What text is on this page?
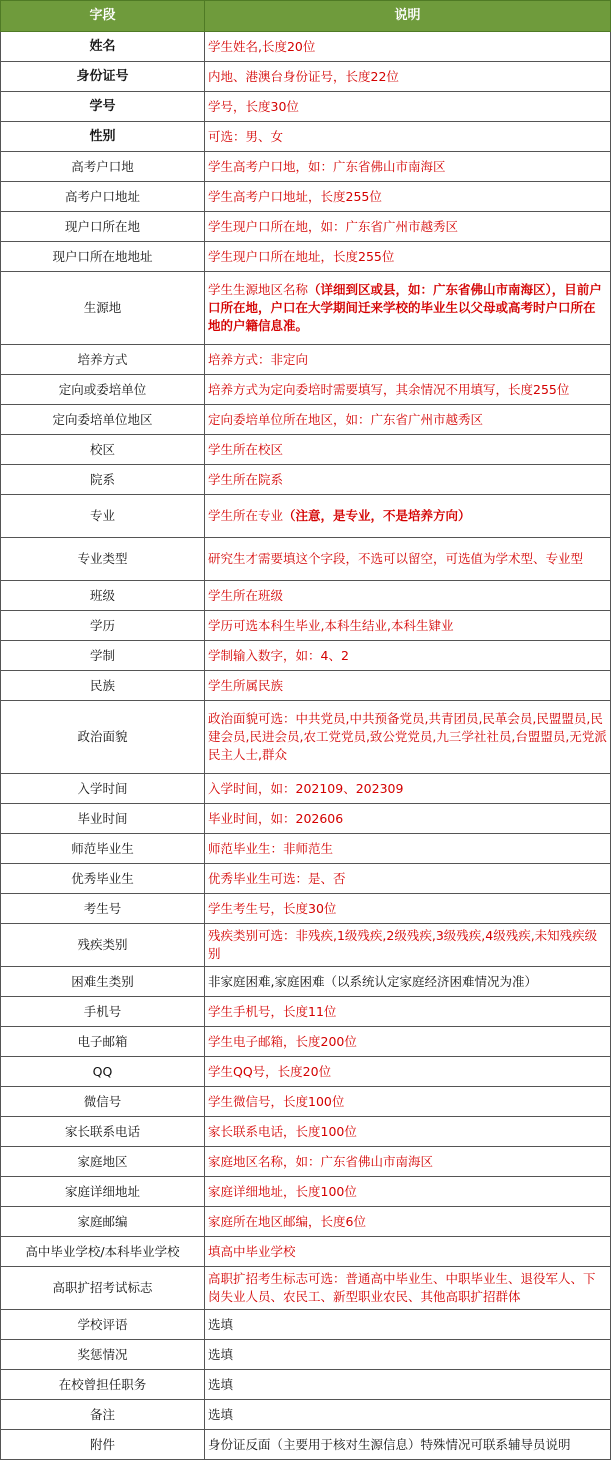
字段	说明
姓名	学生姓名,长度20位
身份证号	内地、港澳台身份证号，长度22位
学号	学号，长度30位
性别	可选：男、女
高考户口地	学生高考户口地，如：广东省佛山市南海区
高考户口地址	学生高考户口地址，长度255位
现户口所在地	学生现户口所在地，如：广东省广州市越秀区
现户口所在地地址	学生现户口所在地址，长度255位
生源地	学生生源地区名称（详细到区或县，如：广东省佛山市南海区），目前户口所在地，户口在大学期间迁来学校的毕业生以父母或高考时户口所在地的户籍信息准。
培养方式	培养方式：非定向
定向或委培单位	培养方式为定向委培时需要填写，其余情况不用填写，长度255位
定向委培单位地区	定向委培单位所在地区，如：广东省广州市越秀区
校区	学生所在校区
院系	学生所在院系
专业	学生所在专业（注意，是专业，不是培养方向）
专业类型	研究生才需要填这个字段，不选可以留空，可选值为学术型、专业型
班级	学生所在班级
学历	学历可选本科生毕业,本科生结业,本科生肄业
学制	学制输入数字，如：4、2
民族	学生所属民族
政治面貌	政治面貌可选：中共党员,中共预备党员,共青团员,民革会员,民盟盟员,民建会员,民进会员,农工党党员,致公党党员,九三学社社员,台盟盟员,无党派民主人士,群众
入学时间	入学时间，如：202109、202309
毕业时间	毕业时间，如：202606
师范毕业生	师范毕业生：非师范生
优秀毕业生	优秀毕业生可选：是、否
考生号	学生考生号，长度30位
残疾类别	残疾类别可选：非残疾,1级残疾,2级残疾,3级残疾,4级残疾,未知残疾级别
困难生类别	非家庭困难,家庭困难（以系统认定家庭经济困难情况为准）
手机号	学生手机号，长度11位
电子邮箱	学生电子邮箱，长度200位
QQ	学生QQ号，长度20位
微信号	学生微信号，长度100位
家长联系电话	家长联系电话，长度100位
家庭地区	家庭地区名称，如：广东省佛山市南海区
家庭详细地址	家庭详细地址，长度100位
家庭邮编	家庭所在地区邮编，长度6位
高中毕业学校/本科毕业学校	填高中毕业学校
高职扩招考试标志	高职扩招考生标志可选：普通高中毕业生、中职毕业生、退役军人、下岗失业人员、农民工、新型职业农民、其他高职扩招群体
学校评语	选填
奖惩情况	选填
在校曾担任职务	选填
备注	选填
附件	身份证反面（主要用于核对生源信息）特殊情况可联系辅导员说明
